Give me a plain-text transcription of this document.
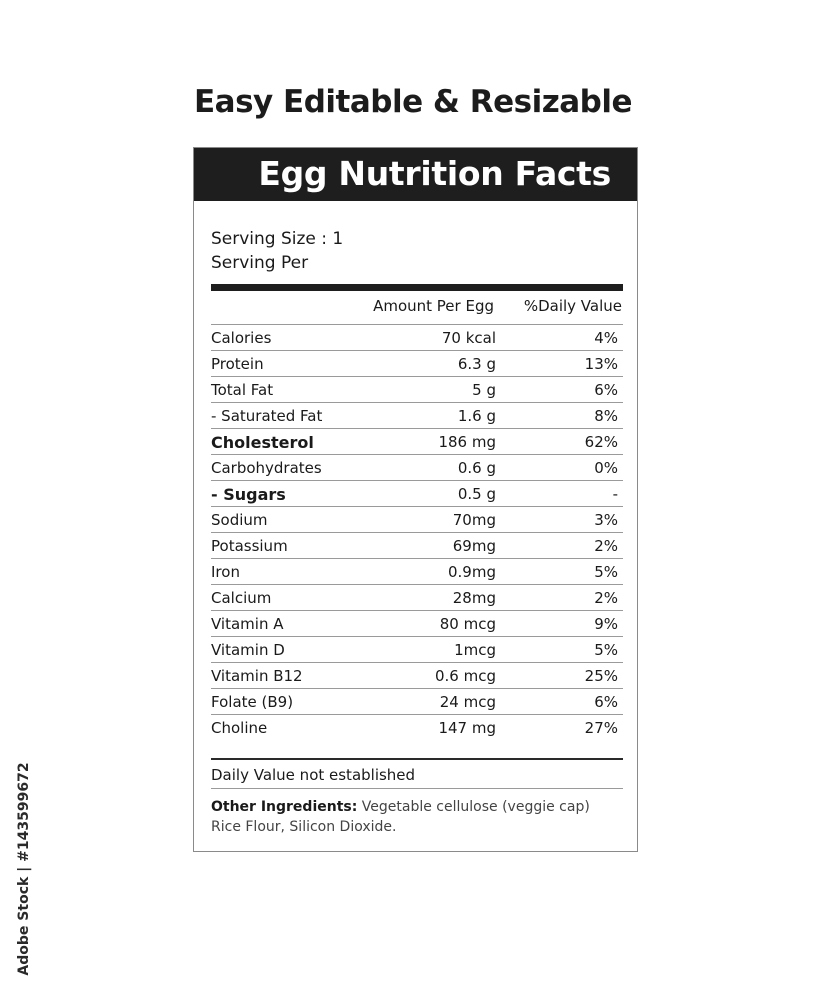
Easy Editable & Resizable
Egg Nutrition Facts
Serving Size : 1
Serving Per
Amount Per Egg %Daily Value
Calories	70 kcal	4%
Protein	6.3 g	13%
Total Fat	5 g	6%
- Saturated Fat	1.6 g	8%
Cholesterol	186 mg	62%
Carbohydrates	0.6 g	0%
- Sugars	0.5 g	-
Sodium	70mg	3%
Potassium	69mg	2%
Iron	0.9mg	5%
Calcium	28mg	2%
Vitamin A	80 mcg	9%
Vitamin D	1mcg	5%
Vitamin B12	0.6 mcg	25%
Folate (B9)	24 mcg	6%
Choline	147 mg	27%
Daily Value not established
Other Ingredients: Vegetable cellulose (veggie cap) Rice Flour, Silicon Dioxide.
Adobe Stock | #143599672
